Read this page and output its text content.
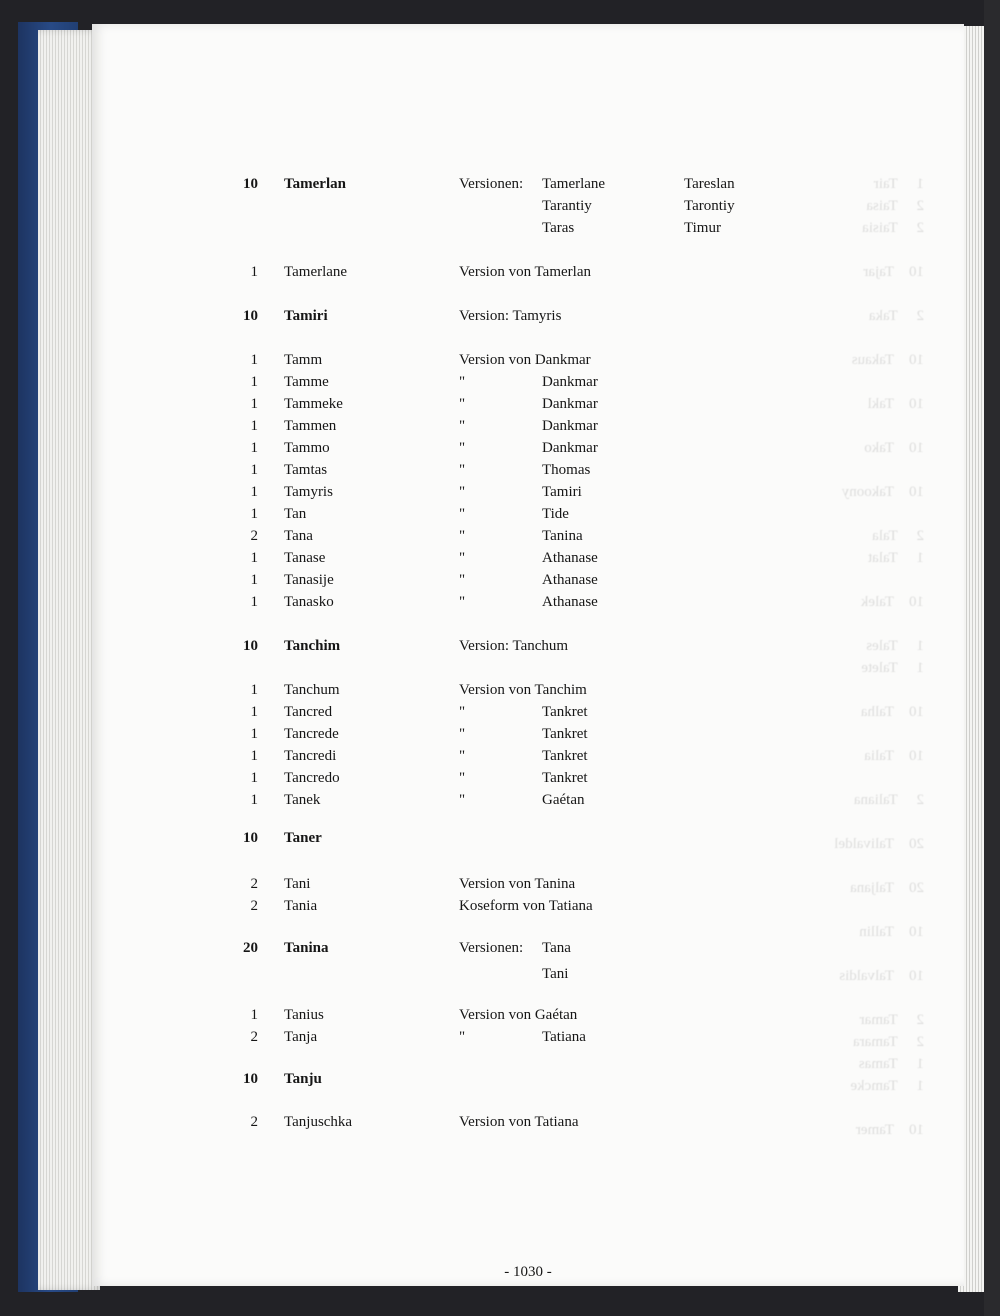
1     Tair
2     Taisa
2     Taisia
10    Tajar
2     Taka
10    Takaus
10    Takl
10    Tako
10    Takoony
2     Tala
1     Talat
10    Talek
1     Tales
1     Talete
10    Talha
10    Talia
2     Taliana
20    Talivaldel
20    Taljana
10    Tallin
10    Talvaldis
2     Tamar
2     Tamara
1     Tamas
1     Tamcke
10    Tamer
10 Tamerlan	Versionen: Tamerlane	Tareslan
Tarantiy	Tarontiy
Taras	Timur
1 Tamerlane	Version von Tamerlan
10 Tamiri	Version: Tamyris
1 Tamm	Version von Dankmar
1 Tamme	"	Dankmar
1 Tammeke	"	Dankmar
1 Tammen	"	Dankmar
1 Tammo	"	Dankmar
1 Tamtas	"	Thomas
1 Tamyris	"	Tamiri
1 Tan	"	Tide
2 Tana	"	Tanina
1 Tanase	"	Athanase
1 Tanasije	"	Athanase
1 Tanasko	"	Athanase
10 Tanchim	Version: Tanchum
1 Tanchum	Version von Tanchim
1 Tancred	"	Tankret
1 Tancrede	"	Tankret
1 Tancredi	"	Tankret
1 Tancredo	"	Tankret
1 Tanek	"	Gaétan
10 Taner
2 Tani	Version von Tanina
2 Tania	Koseform von Tatiana
20 Tanina	Versionen: Tana
Tani
1 Tanius	Version von Gaétan
2 Tanja	"	Tatiana
10 Tanju
2 Tanjuschka	Version von Tatiana
- 1030 -
